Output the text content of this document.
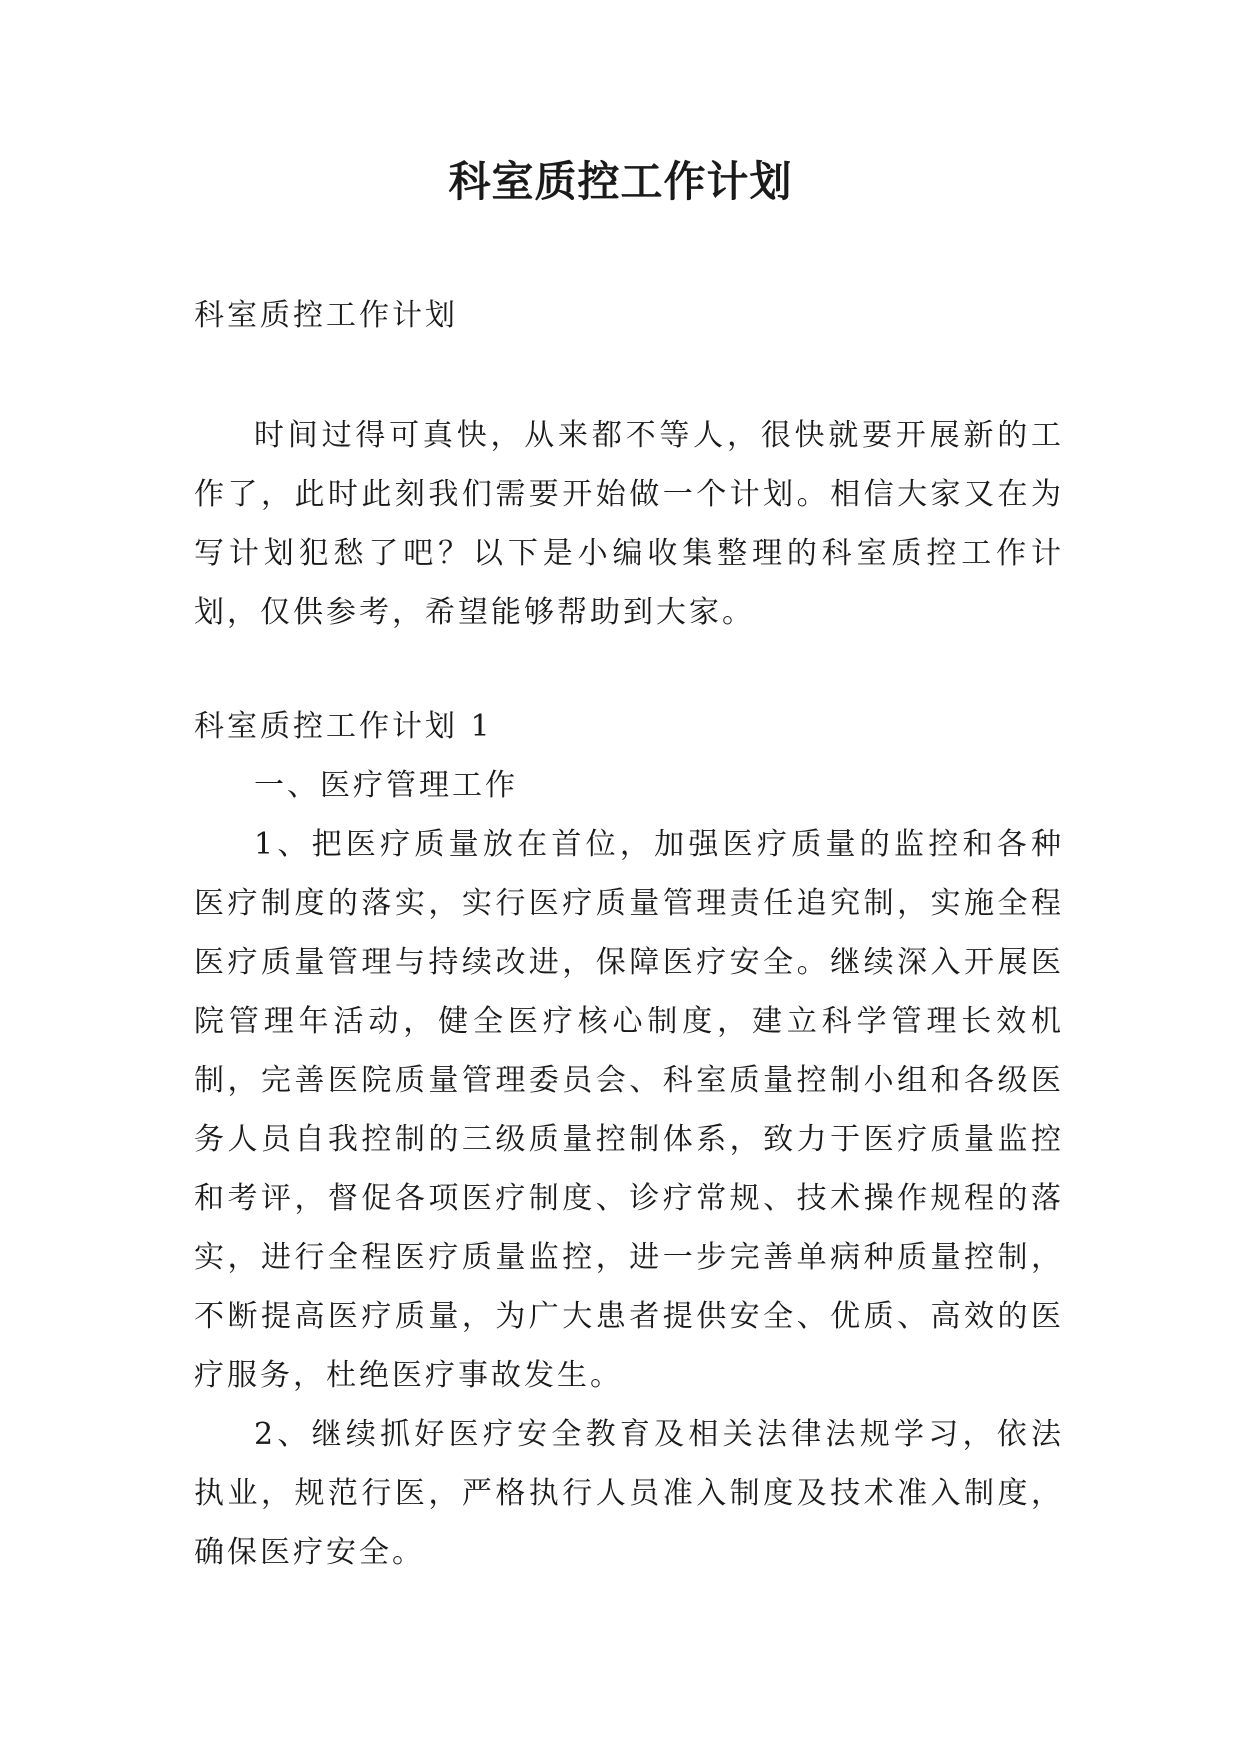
科室质控工作计划

科室质控工作计划

时间过得可真快，从来都不等人，很快就要开展新的工作了，此时此刻我们需要开始做一个计划。相信大家又在为写计划犯愁了吧？以下是小编收集整理的科室质控工作计划，仅供参考，希望能够帮助到大家。

科室质控工作计划 1

一、医疗管理工作

1、把医疗质量放在首位，加强医疗质量的监控和各种医疗制度的落实，实行医疗质量管理责任追究制，实施全程医疗质量管理与持续改进，保障医疗安全。继续深入开展医院管理年活动，健全医疗核心制度，建立科学管理长效机制，完善医院质量管理委员会、科室质量控制小组和各级医务人员自我控制的三级质量控制体系，致力于医疗质量监控和考评，督促各项医疗制度、诊疗常规、技术操作规程的落实，进行全程医疗质量监控，进一步完善单病种质量控制，不断提高医疗质量，为广大患者提供安全、优质、高效的医疗服务，杜绝医疗事故发生。

2、继续抓好医疗安全教育及相关法律法规学习，依法执业，规范行医，严格执行人员准入制度及技术准入制度，确保医疗安全。
